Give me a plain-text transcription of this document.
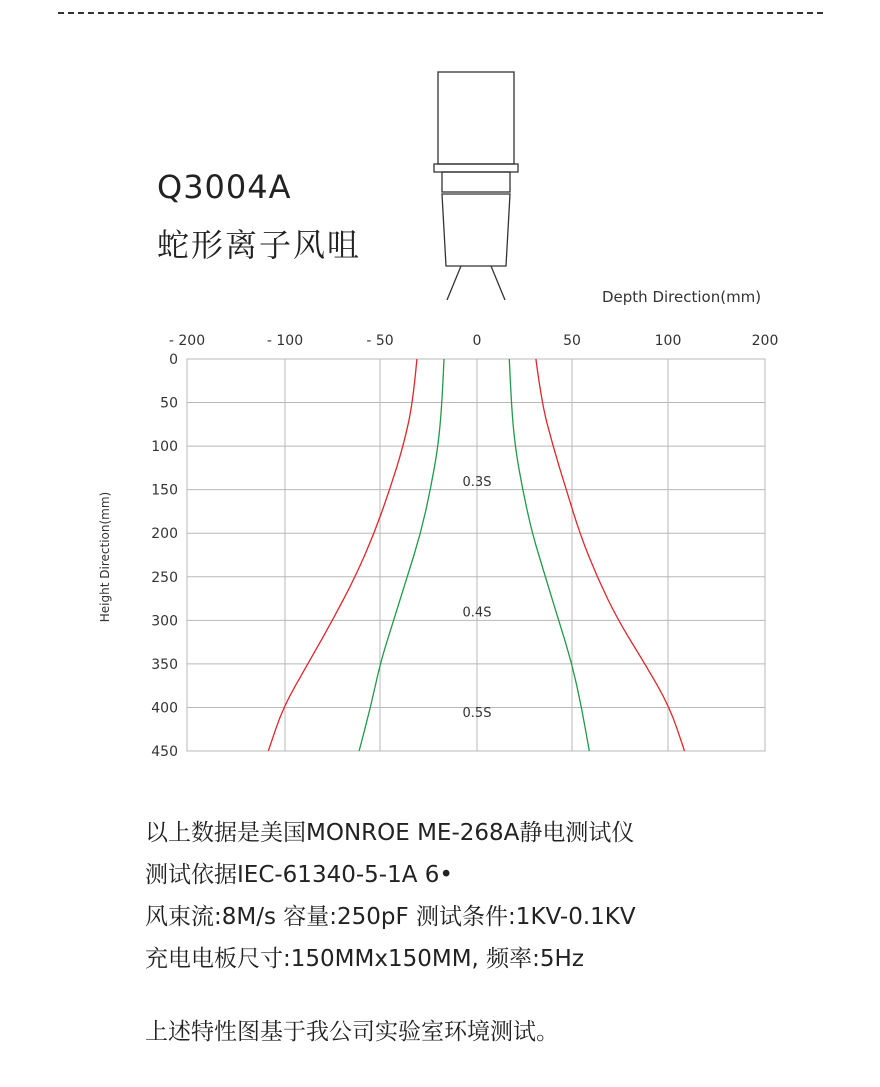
Q3004A
蛇形离子风咀
Depth Direction(mm)
Height Direction(mm)
- 200	- 100	- 50	0	50	100	200
0
50
100
150
200
250
300
350
400
450
0.3S
0.4S
0.5S
以上数据是美国MONROE ME-268A静电测试仪
测试依据IEC-61340-5-1A 6•
风束流:8M/s 容量:250pF 测试条件:1KV-0.1KV
充电电板尺寸:150MMx150MM, 频率:5Hz
上述特性图基于我公司实验室环境测试。
